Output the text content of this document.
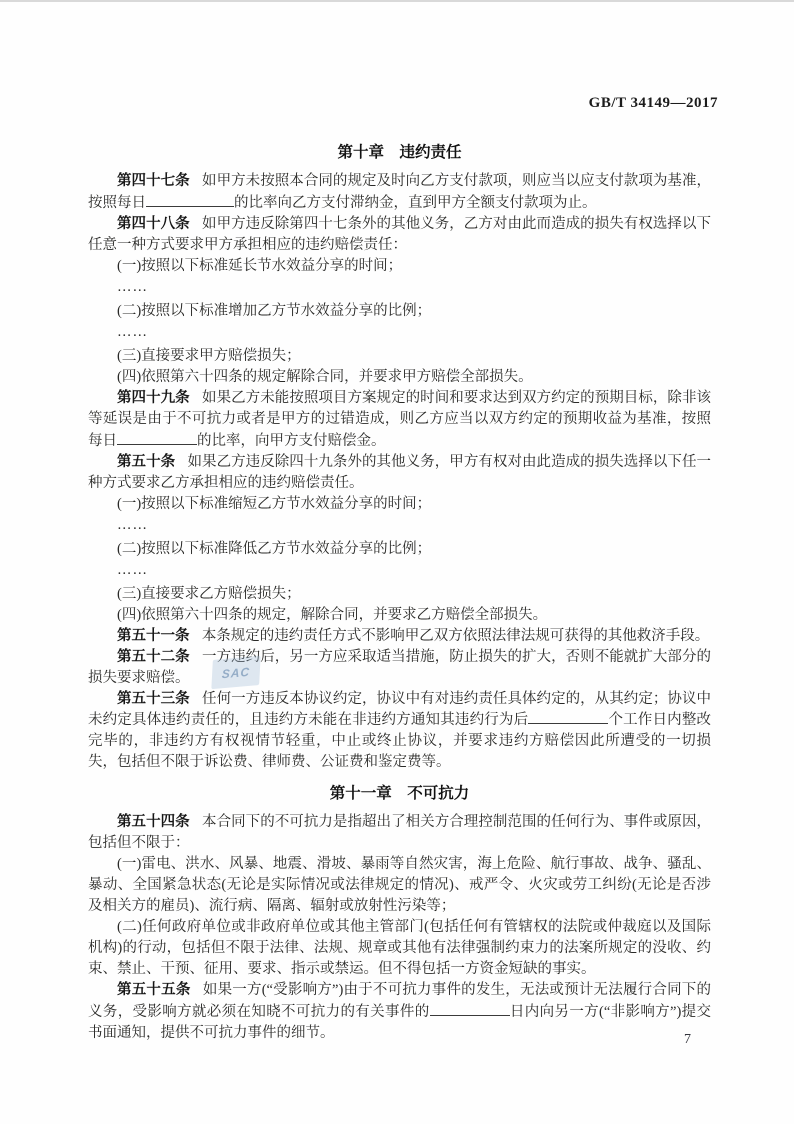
GB/T 34149—2017
第十章　违约责任

第四十七条 如甲方未按照本合同的规定及时向乙方支付款项，则应当以应支付款项为基准，按照每日	的比率向乙方支付滞纳金，直到甲方全额支付款项为止。

第四十八条 如甲方违反除第四十七条外的其他义务，乙方对由此而造成的损失有权选择以下任意一种方式要求甲方承担相应的违约赔偿责任：

(一)按照以下标准延长节水效益分享的时间；

……

(二)按照以下标准增加乙方节水效益分享的比例；

……

(三)直接要求甲方赔偿损失；

(四)依照第六十四条的规定解除合同，并要求甲方赔偿全部损失。

第四十九条 如果乙方未能按照项目方案规定的时间和要求达到双方约定的预期目标，除非该等延误是由于不可抗力或者是甲方的过错造成，则乙方应当以双方约定的预期收益为基准，按照每日	的比率，向甲方支付赔偿金。

第五十条 如果乙方违反除四十九条外的其他义务，甲方有权对由此造成的损失选择以下任一种方式要求乙方承担相应的违约赔偿责任。

(一)按照以下标准缩短乙方节水效益分享的时间；

……

(二)按照以下标准降低乙方节水效益分享的比例；

……

(三)直接要求乙方赔偿损失；

(四)依照第六十四条的规定，解除合同，并要求乙方赔偿全部损失。

第五十一条 本条规定的违约责任方式不影响甲乙双方依照法律法规可获得的其他救济手段。

第五十二条 一方违约后，另一方应采取适当措施，防止损失的扩大，否则不能就扩大部分的损失要求赔偿。

第五十三条 任何一方违反本协议约定，协议中有对违约责任具体约定的，从其约定；协议中未约定具体违约责任的，且违约方未能在非违约方通知其违约行为后	个工作日内整改完毕的，非违约方有权视情节轻重，中止或终止协议，并要求违约方赔偿因此所遭受的一切损失，包括但不限于诉讼费、律师费、公证费和鉴定费等。

第十一章　不可抗力

第五十四条 本合同下的不可抗力是指超出了相关方合理控制范围的任何行为、事件或原因，包括但不限于：

(一)雷电、洪水、风暴、地震、滑坡、暴雨等自然灾害，海上危险、航行事故、战争、骚乱、暴动、全国紧急状态(无论是实际情况或法律规定的情况)、戒严令、火灾或劳工纠纷(无论是否涉及相关方的雇员)、流行病、隔离、辐射或放射性污染等；

(二)任何政府单位或非政府单位或其他主管部门(包括任何有管辖权的法院或仲裁庭以及国际机构)的行动，包括但不限于法律、法规、规章或其他有法律强制约束力的法案所规定的没收、约束、禁止、干预、征用、要求、指示或禁运。但不得包括一方资金短缺的事实。

第五十五条 如果一方(“受影响方”)由于不可抗力事件的发生，无法或预计无法履行合同下的义务，受影响方就必须在知晓不可抗力的有关事件的	日内向另一方(“非影响方”)提交书面通知，提供不可抗力事件的细节。

SAC
7
